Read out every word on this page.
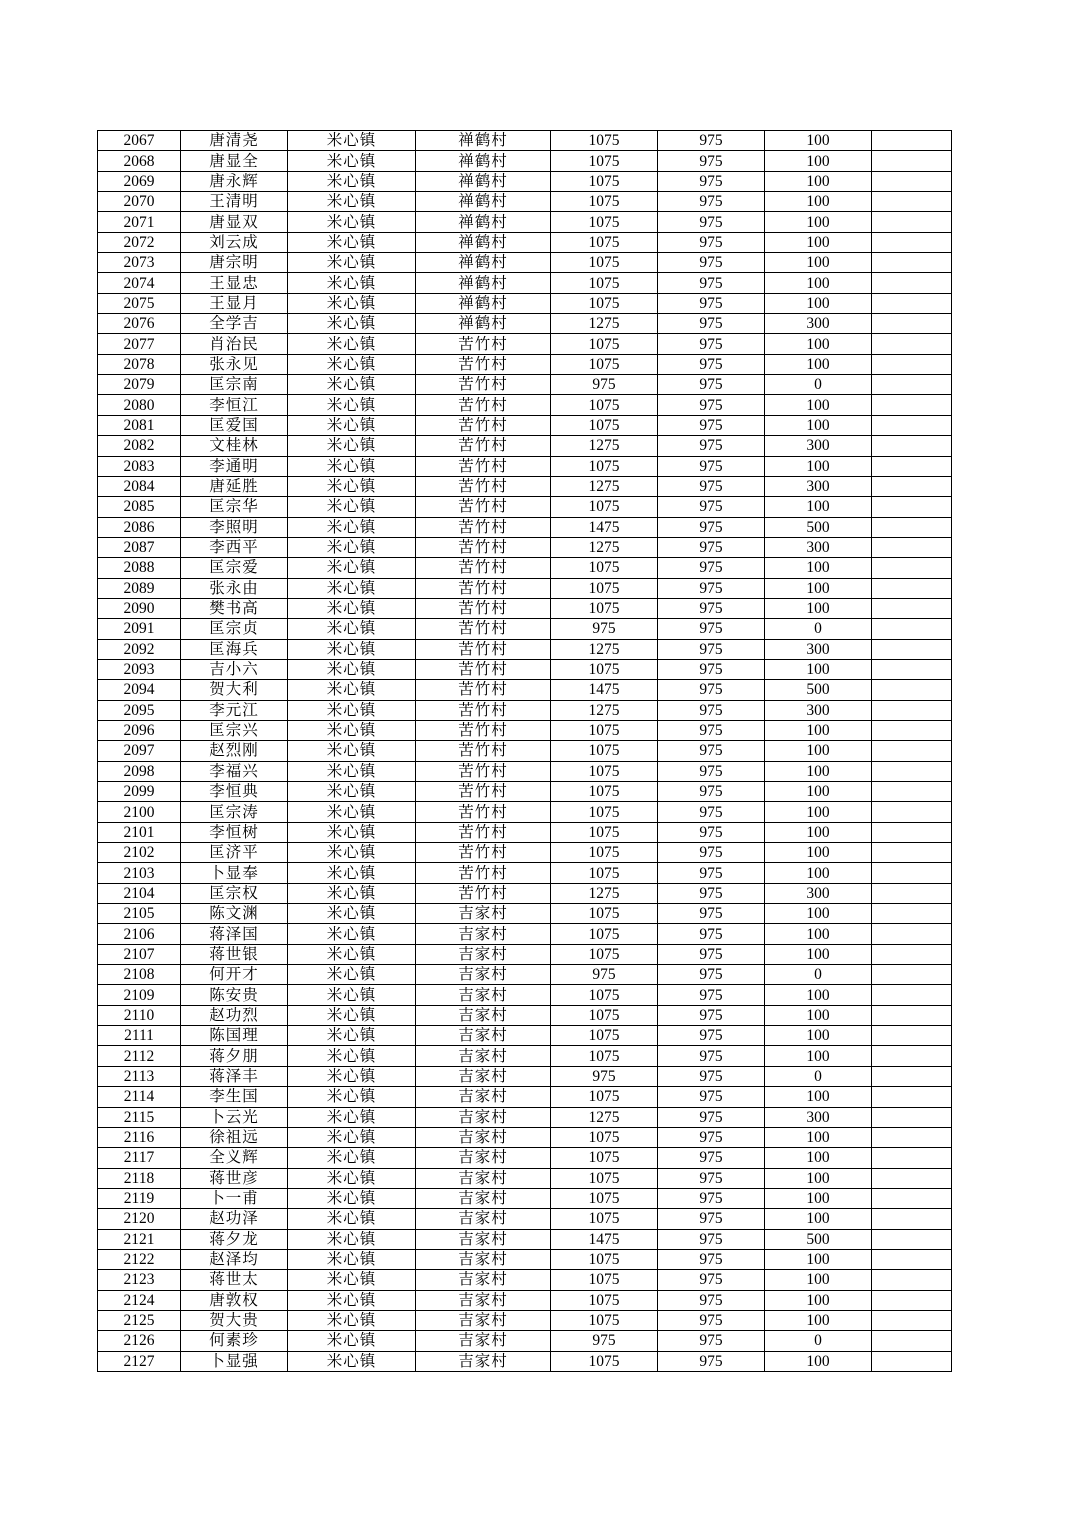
2067	唐清尧	米心镇	禅鹤村	1075	975	100	
2068	唐显全	米心镇	禅鹤村	1075	975	100	
2069	唐永辉	米心镇	禅鹤村	1075	975	100	
2070	王清明	米心镇	禅鹤村	1075	975	100	
2071	唐显双	米心镇	禅鹤村	1075	975	100	
2072	刘云成	米心镇	禅鹤村	1075	975	100	
2073	唐宗明	米心镇	禅鹤村	1075	975	100	
2074	王显忠	米心镇	禅鹤村	1075	975	100	
2075	王显月	米心镇	禅鹤村	1075	975	100	
2076	全学吉	米心镇	禅鹤村	1275	975	300	
2077	肖治民	米心镇	苦竹村	1075	975	100	
2078	张永见	米心镇	苦竹村	1075	975	100	
2079	匡宗南	米心镇	苦竹村	975	975	0	
2080	李恒江	米心镇	苦竹村	1075	975	100	
2081	匡爱国	米心镇	苦竹村	1075	975	100	
2082	文桂林	米心镇	苦竹村	1275	975	300	
2083	李通明	米心镇	苦竹村	1075	975	100	
2084	唐延胜	米心镇	苦竹村	1275	975	300	
2085	匡宗华	米心镇	苦竹村	1075	975	100	
2086	李照明	米心镇	苦竹村	1475	975	500	
2087	李西平	米心镇	苦竹村	1275	975	300	
2088	匡宗爱	米心镇	苦竹村	1075	975	100	
2089	张永由	米心镇	苦竹村	1075	975	100	
2090	樊书高	米心镇	苦竹村	1075	975	100	
2091	匡宗贞	米心镇	苦竹村	975	975	0	
2092	匡海兵	米心镇	苦竹村	1275	975	300	
2093	吉小六	米心镇	苦竹村	1075	975	100	
2094	贺大利	米心镇	苦竹村	1475	975	500	
2095	李元江	米心镇	苦竹村	1275	975	300	
2096	匡宗兴	米心镇	苦竹村	1075	975	100	
2097	赵烈刚	米心镇	苦竹村	1075	975	100	
2098	李福兴	米心镇	苦竹村	1075	975	100	
2099	李恒典	米心镇	苦竹村	1075	975	100	
2100	匡宗涛	米心镇	苦竹村	1075	975	100	
2101	李恒树	米心镇	苦竹村	1075	975	100	
2102	匡济平	米心镇	苦竹村	1075	975	100	
2103	卜显奉	米心镇	苦竹村	1075	975	100	
2104	匡宗权	米心镇	苦竹村	1275	975	300	
2105	陈文渊	米心镇	吉家村	1075	975	100	
2106	蒋泽国	米心镇	吉家村	1075	975	100	
2107	蒋世银	米心镇	吉家村	1075	975	100	
2108	何开才	米心镇	吉家村	975	975	0	
2109	陈安贵	米心镇	吉家村	1075	975	100	
2110	赵功烈	米心镇	吉家村	1075	975	100	
2111	陈国理	米心镇	吉家村	1075	975	100	
2112	蒋夕朋	米心镇	吉家村	1075	975	100	
2113	蒋泽丰	米心镇	吉家村	975	975	0	
2114	李生国	米心镇	吉家村	1075	975	100	
2115	卜云光	米心镇	吉家村	1275	975	300	
2116	徐祖远	米心镇	吉家村	1075	975	100	
2117	全义辉	米心镇	吉家村	1075	975	100	
2118	蒋世彦	米心镇	吉家村	1075	975	100	
2119	卜一甫	米心镇	吉家村	1075	975	100	
2120	赵功泽	米心镇	吉家村	1075	975	100	
2121	蒋夕龙	米心镇	吉家村	1475	975	500	
2122	赵泽均	米心镇	吉家村	1075	975	100	
2123	蒋世太	米心镇	吉家村	1075	975	100	
2124	唐敦权	米心镇	吉家村	1075	975	100	
2125	贺大贵	米心镇	吉家村	1075	975	100	
2126	何素珍	米心镇	吉家村	975	975	0	
2127	卜显强	米心镇	吉家村	1075	975	100	
